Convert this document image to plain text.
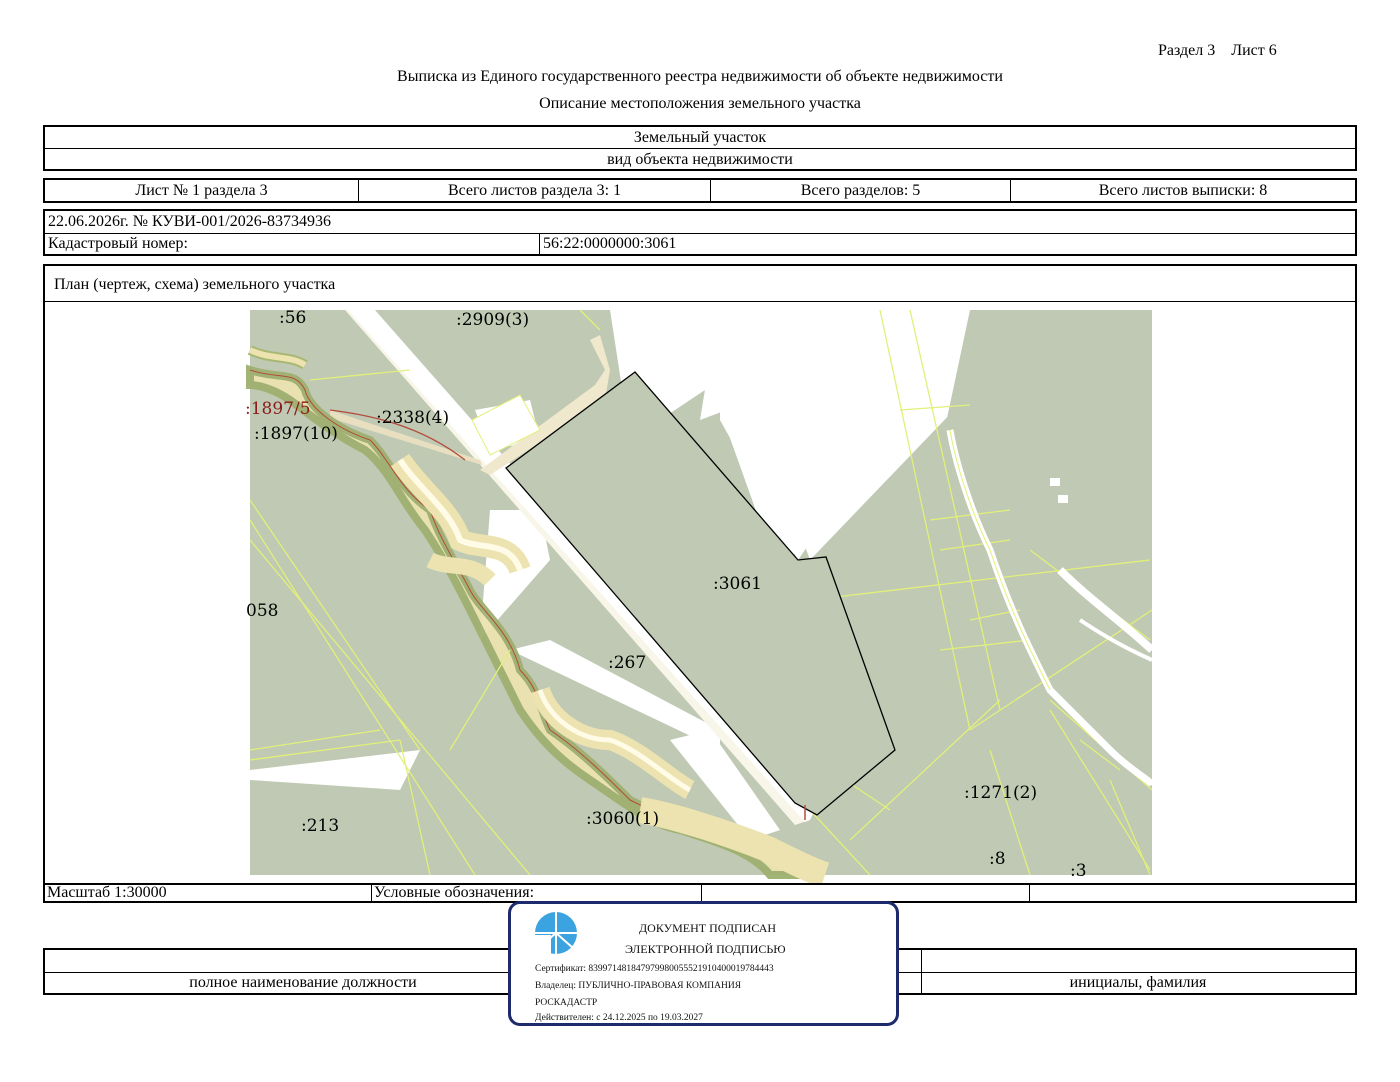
Раздел 3    Лист 6
Выписка из Единого государственного реестра недвижимости об объекте недвижимости
Описание местоположения земельного участка
Земельный участок
вид объекта недвижимости
Лист № 1 раздела 3	Всего листов раздела 3: 1	Всего разделов: 5	Всего листов выписки: 8
22.06.2026г. № КУВИ-001/2026-83734936
Кадастровый номер:	56:22:0000000:3061
План (чертеж, схема) земельного участка
:56	:2909(3)
:1897/5
:1897(10)
:2338(4)
:3061
058
:267
:213	:3060(1)
:1271(2)
:8
:3
Масштаб 1:30000	Условные обозначения:
полное наименование должности	инициалы, фамилия
ДОКУМЕНТ ПОДПИСАН
ЭЛЕКТРОННОЙ ПОДПИСЬЮ
Сертификат: 839971481847979980055521910400019784443
Владелец: ПУБЛИЧНО-ПРАВОВАЯ КОМПАНИЯ
РОСКАДАСТР
Действителен: с 24.12.2025 по 19.03.2027
